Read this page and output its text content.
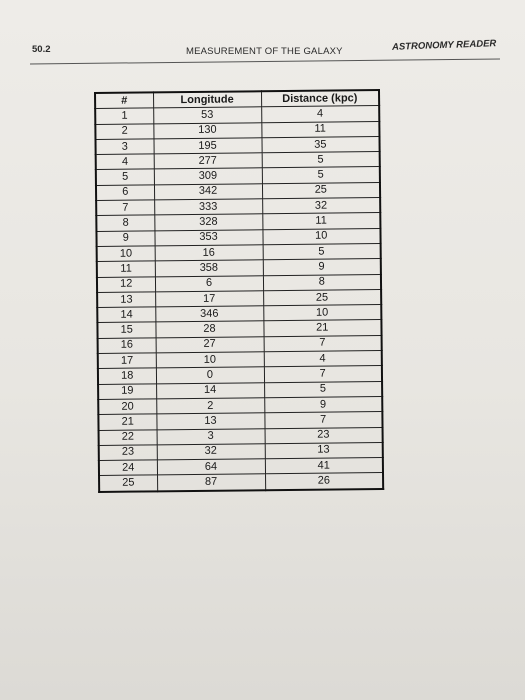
50.2	MEASUREMENT OF THE GALAXY	ASTRONOMY READER
#	Longitude	Distance (kpc)
1	53	4
2	130	11
3	195	35
4	277	5
5	309	5
6	342	25
7	333	32
8	328	11
9	353	10
10	16	5
11	358	9
12	6	8
13	17	25
14	346	10
15	28	21
16	27	7
17	10	4
18	0	7
19	14	5
20	2	9
21	13	7
22	3	23
23	32	13
24	64	41
25	87	26
